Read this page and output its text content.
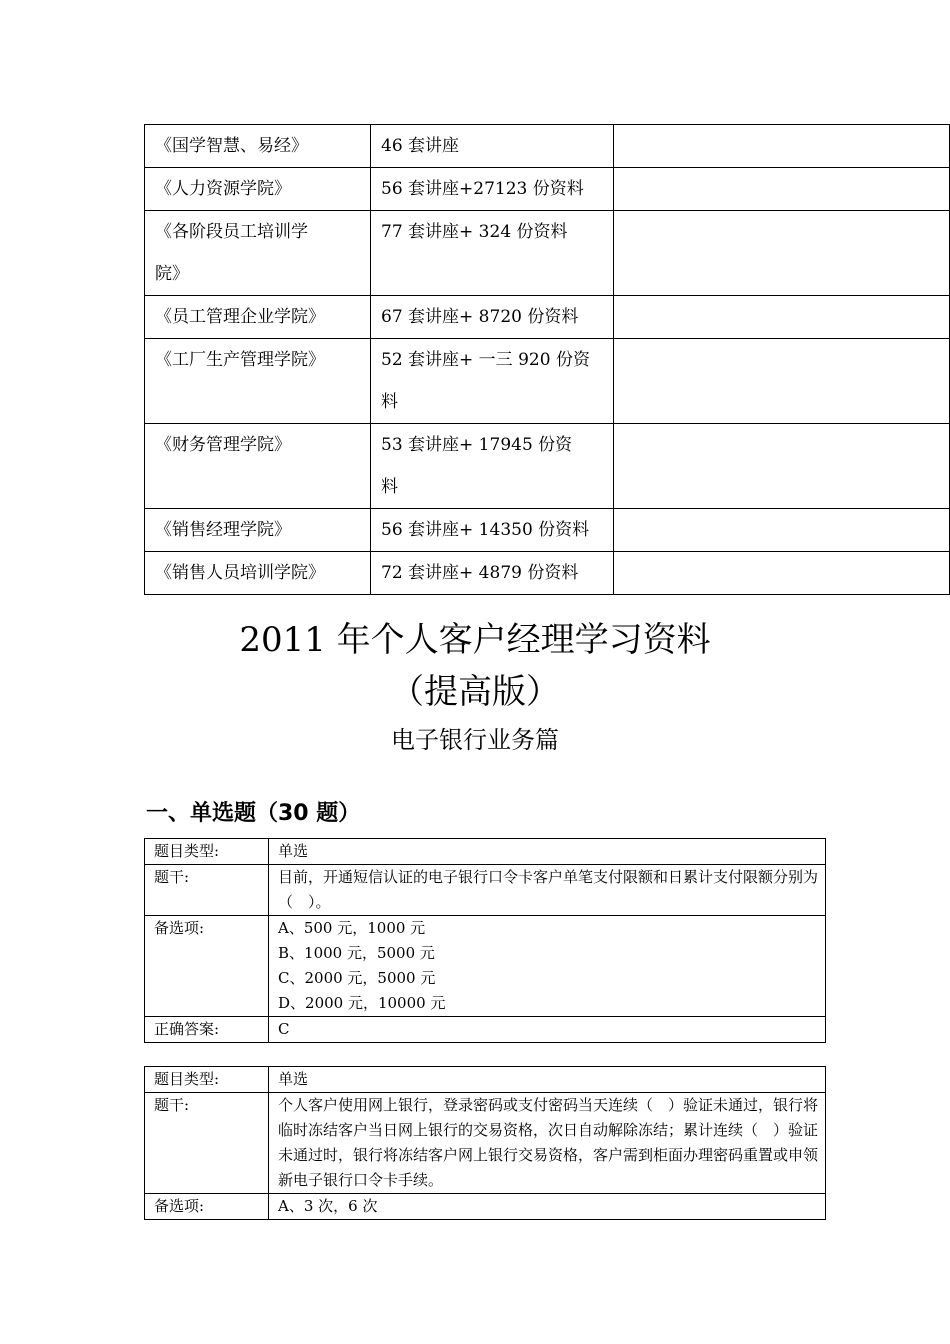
《国学智慧、易经》	46 套讲座	
《人力资源学院》	56 套讲座+27123 份资料	
《各阶段员工培训学院》	77 套讲座+ 324 份资料	
《员工管理企业学院》	67 套讲座+ 8720 份资料	
《工厂生产管理学院》	52 套讲座+ 一三 920 份资料	
《财务管理学院》	53 套讲座+ 17945 份资料	
《销售经理学院》	56 套讲座+ 14350 份资料	
《销售人员培训学院》	72 套讲座+ 4879 份资料	
2011 年个人客户经理学习资料
（提高版）
电子银行业务篇
一、单选题（30 题）
题目类型:	单选
题干:	目前，开通短信认证的电子银行口令卡客户单笔支付限额和日累计支付限额分别为（　）。
备选项:	A、500 元，1000 元
B、1000 元，5000 元
C、2000 元，5000 元
D、2000 元，10000 元

正确答案:	C
题目类型:	单选
题干:	个人客户使用网上银行，登录密码或支付密码当天连续（　）验证未通过，银行将临时冻结客户当日网上银行的交易资格，次日自动解除冻结；累计连续（　）验证未通过时，银行将冻结客户网上银行交易资格，客户需到柜面办理密码重置或申领新电子银行口令卡手续。
备选项:	A、3 次，6 次
